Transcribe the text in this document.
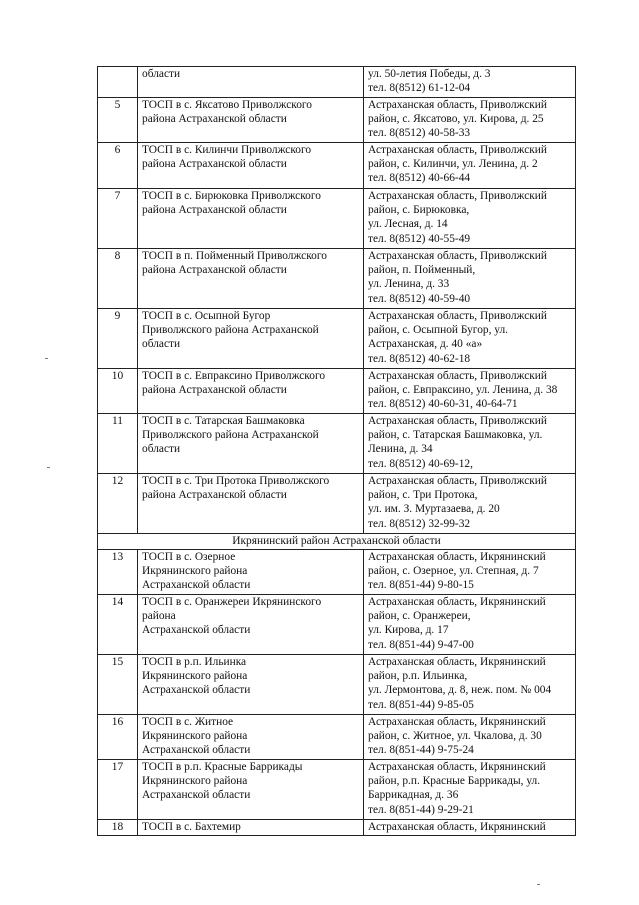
	области	ул. 50-летия Победы, д. 3
тел. 8(8512) 61-12-04
5	ТОСП в с. Яксатово Приволжского
района Астраханской области	Астраханская область, Приволжский
район, с. Яксатово, ул. Кирова, д. 25
тел. 8(8512) 40-58-33
6	ТОСП в с. Килинчи Приволжского
района Астраханской области	Астраханская область, Приволжский
район, с. Килинчи, ул. Ленина, д. 2
тел. 8(8512) 40-66-44
7	ТОСП в с. Бирюковка Приволжского
района Астраханской области	Астраханская область, Приволжский
район, с. Бирюковка,
ул. Лесная, д. 14
тел. 8(8512) 40-55-49
8	ТОСП в п. Пойменный Приволжского
района Астраханской области	Астраханская область, Приволжский
район, п. Пойменный,
ул. Ленина, д. 33
тел. 8(8512) 40-59-40
9	ТОСП в с. Осыпной Бугор
Приволжского района Астраханской
области	Астраханская область, Приволжский
район, с. Осыпной Бугор, ул.
Астраханская, д. 40 «а»
тел. 8(8512) 40-62-18
10	ТОСП в с. Евпраксино Приволжского
района Астраханской области	Астраханская область, Приволжский
район, с. Евпраксино, ул. Ленина, д. 38
тел. 8(8512) 40-60-31, 40-64-71
11	ТОСП в с. Татарская Башмаковка
Приволжского района Астраханской
области	Астраханская область, Приволжский
район, с. Татарская Башмаковка, ул.
Ленина, д. 34
тел. 8(8512) 40-69-12,
12	ТОСП в с. Три Протока Приволжского
района Астраханской области	Астраханская область, Приволжский
район, с. Три Протока,
ул. им. З. Муртазаева, д. 20
тел. 8(8512) 32-99-32
Икрянинский район Астраханской области		
13	ТОСП в с. Озерное
Икрянинского района
Астраханской области	Астраханская область, Икрянинский
район, с. Озерное, ул. Степная, д. 7
тел. 8(851-44) 9-80-15
14	ТОСП в с. Оранжереи Икрянинского
района
Астраханской области	Астраханская область, Икрянинский
район, с. Оранжереи,
ул. Кирова, д. 17
тел. 8(851-44) 9-47-00
15	ТОСП в р.п. Ильинка
Икрянинского района
Астраханской области	Астраханская область, Икрянинский
район, р.п. Ильинка,
ул. Лермонтова, д. 8, неж. пом. № 004
тел. 8(851-44) 9-85-05
16	ТОСП в с. Житное
Икрянинского района
Астраханской области	Астраханская область, Икрянинский
район, с. Житное, ул. Чкалова, д. 30
тел. 8(851-44) 9-75-24
17	ТОСП в р.п. Красные Баррикады
Икрянинского района
Астраханской области	Астраханская область, Икрянинский
район, р.п. Красные Баррикады, ул.
Баррикадная, д. 36
тел. 8(851-44) 9-29-21
18	ТОСП в с. Бахтемир	Астраханская область, Икрянинский
